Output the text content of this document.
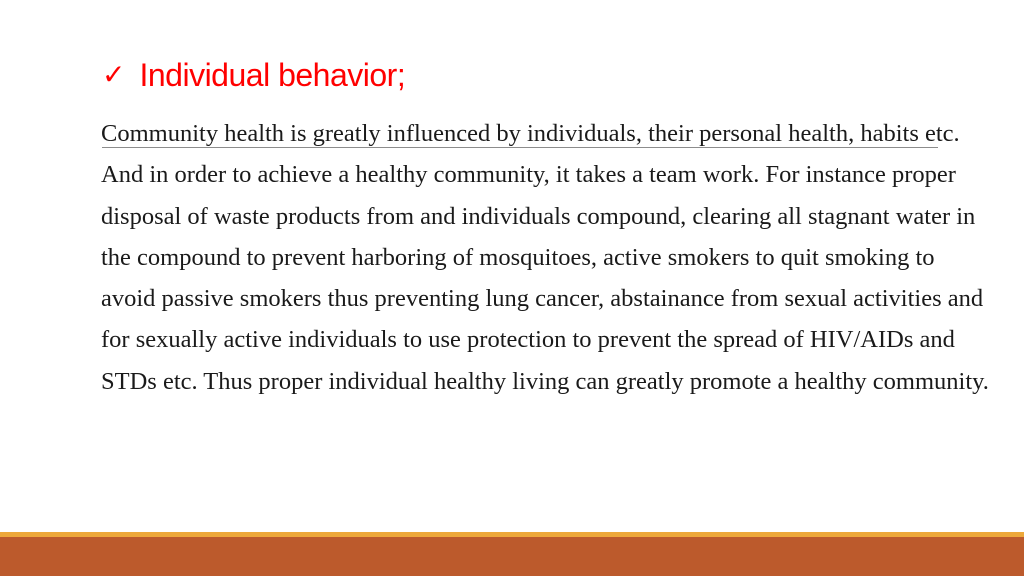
✓ Individual behavior;

Community health is greatly influenced by individuals, their personal health, habits etc. And in order to achieve a healthy community, it takes a team work. For instance proper disposal of waste products from and individuals compound, clearing all stagnant water in the compound to prevent harboring of mosquitoes, active smokers to quit smoking to avoid passive smokers thus preventing lung cancer, abstainance from sexual activities and for sexually active individuals to use protection to prevent the spread of HIV/AIDs and STDs etc. Thus proper individual healthy living can greatly promote a healthy community.
